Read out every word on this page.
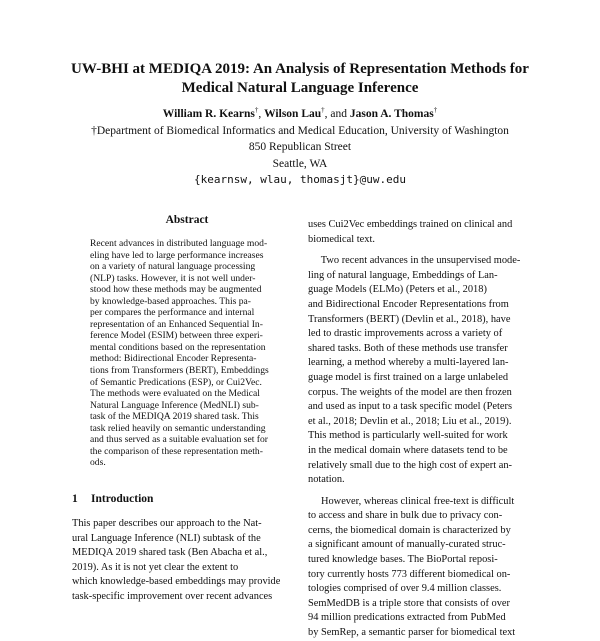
UW-BHI at MEDIQA 2019: An Analysis of Representation Methods for
Medical Natural Language Inference
William R. Kearns†, Wilson Lau†, and Jason A. Thomas†
†Department of Biomedical Informatics and Medical Education, University of Washington
850 Republican Street
Seattle, WA
{kearnsw, wlau, thomasjt}@uw.edu
Abstract
Recent advances in distributed language mod-
eling have led to large performance increases
on a variety of natural language processing
(NLP) tasks. However, it is not well under-
stood how these methods may be augmented
by knowledge-based approaches. This pa-
per compares the performance and internal
representation of an Enhanced Sequential In-
ference Model (ESIM) between three experi-
mental conditions based on the representation
method: Bidirectional Encoder Representa-
tions from Transformers (BERT), Embeddings
of Semantic Predications (ESP), or Cui2Vec.
The methods were evaluated on the Medical
Natural Language Inference (MedNLI) sub-
task of the MEDIQA 2019 shared task. This
task relied heavily on semantic understanding
and thus served as a suitable evaluation set for
the comparison of these representation meth-
ods.
1 Introduction
This paper describes our approach to the Nat-
ural Language Inference (NLI) subtask of the
MEDIQA 2019 shared task (Ben Abacha et al.,
2019). As it is not yet clear the extent to
which knowledge-based embeddings may provide
task-specific improvement over recent advances
uses Cui2Vec embeddings trained on clinical and
biomedical text.
Two recent advances in the unsupervised mode-
ling of natural language, Embeddings of Lan-
guage Models (ELMo) (Peters et al., 2018)
and Bidirectional Encoder Representations from
Transformers (BERT) (Devlin et al., 2018), have
led to drastic improvements across a variety of
shared tasks. Both of these methods use transfer
learning, a method whereby a multi-layered lan-
guage model is first trained on a large unlabeled
corpus. The weights of the model are then frozen
and used as input to a task specific model (Peters
et al., 2018; Devlin et al., 2018; Liu et al., 2019).
This method is particularly well-suited for work
in the medical domain where datasets tend to be
relatively small due to the high cost of expert an-
notation.
However, whereas clinical free-text is difficult
to access and share in bulk due to privacy con-
cerns, the biomedical domain is characterized by
a significant amount of manually-curated struc-
tured knowledge bases. The BioPortal reposi-
tory currently hosts 773 different biomedical on-
tologies comprised of over 9.4 million classes.
SemMedDB is a triple store that consists of over
94 million predications extracted from PubMed
by SemRep, a semantic parser for biomedical text
